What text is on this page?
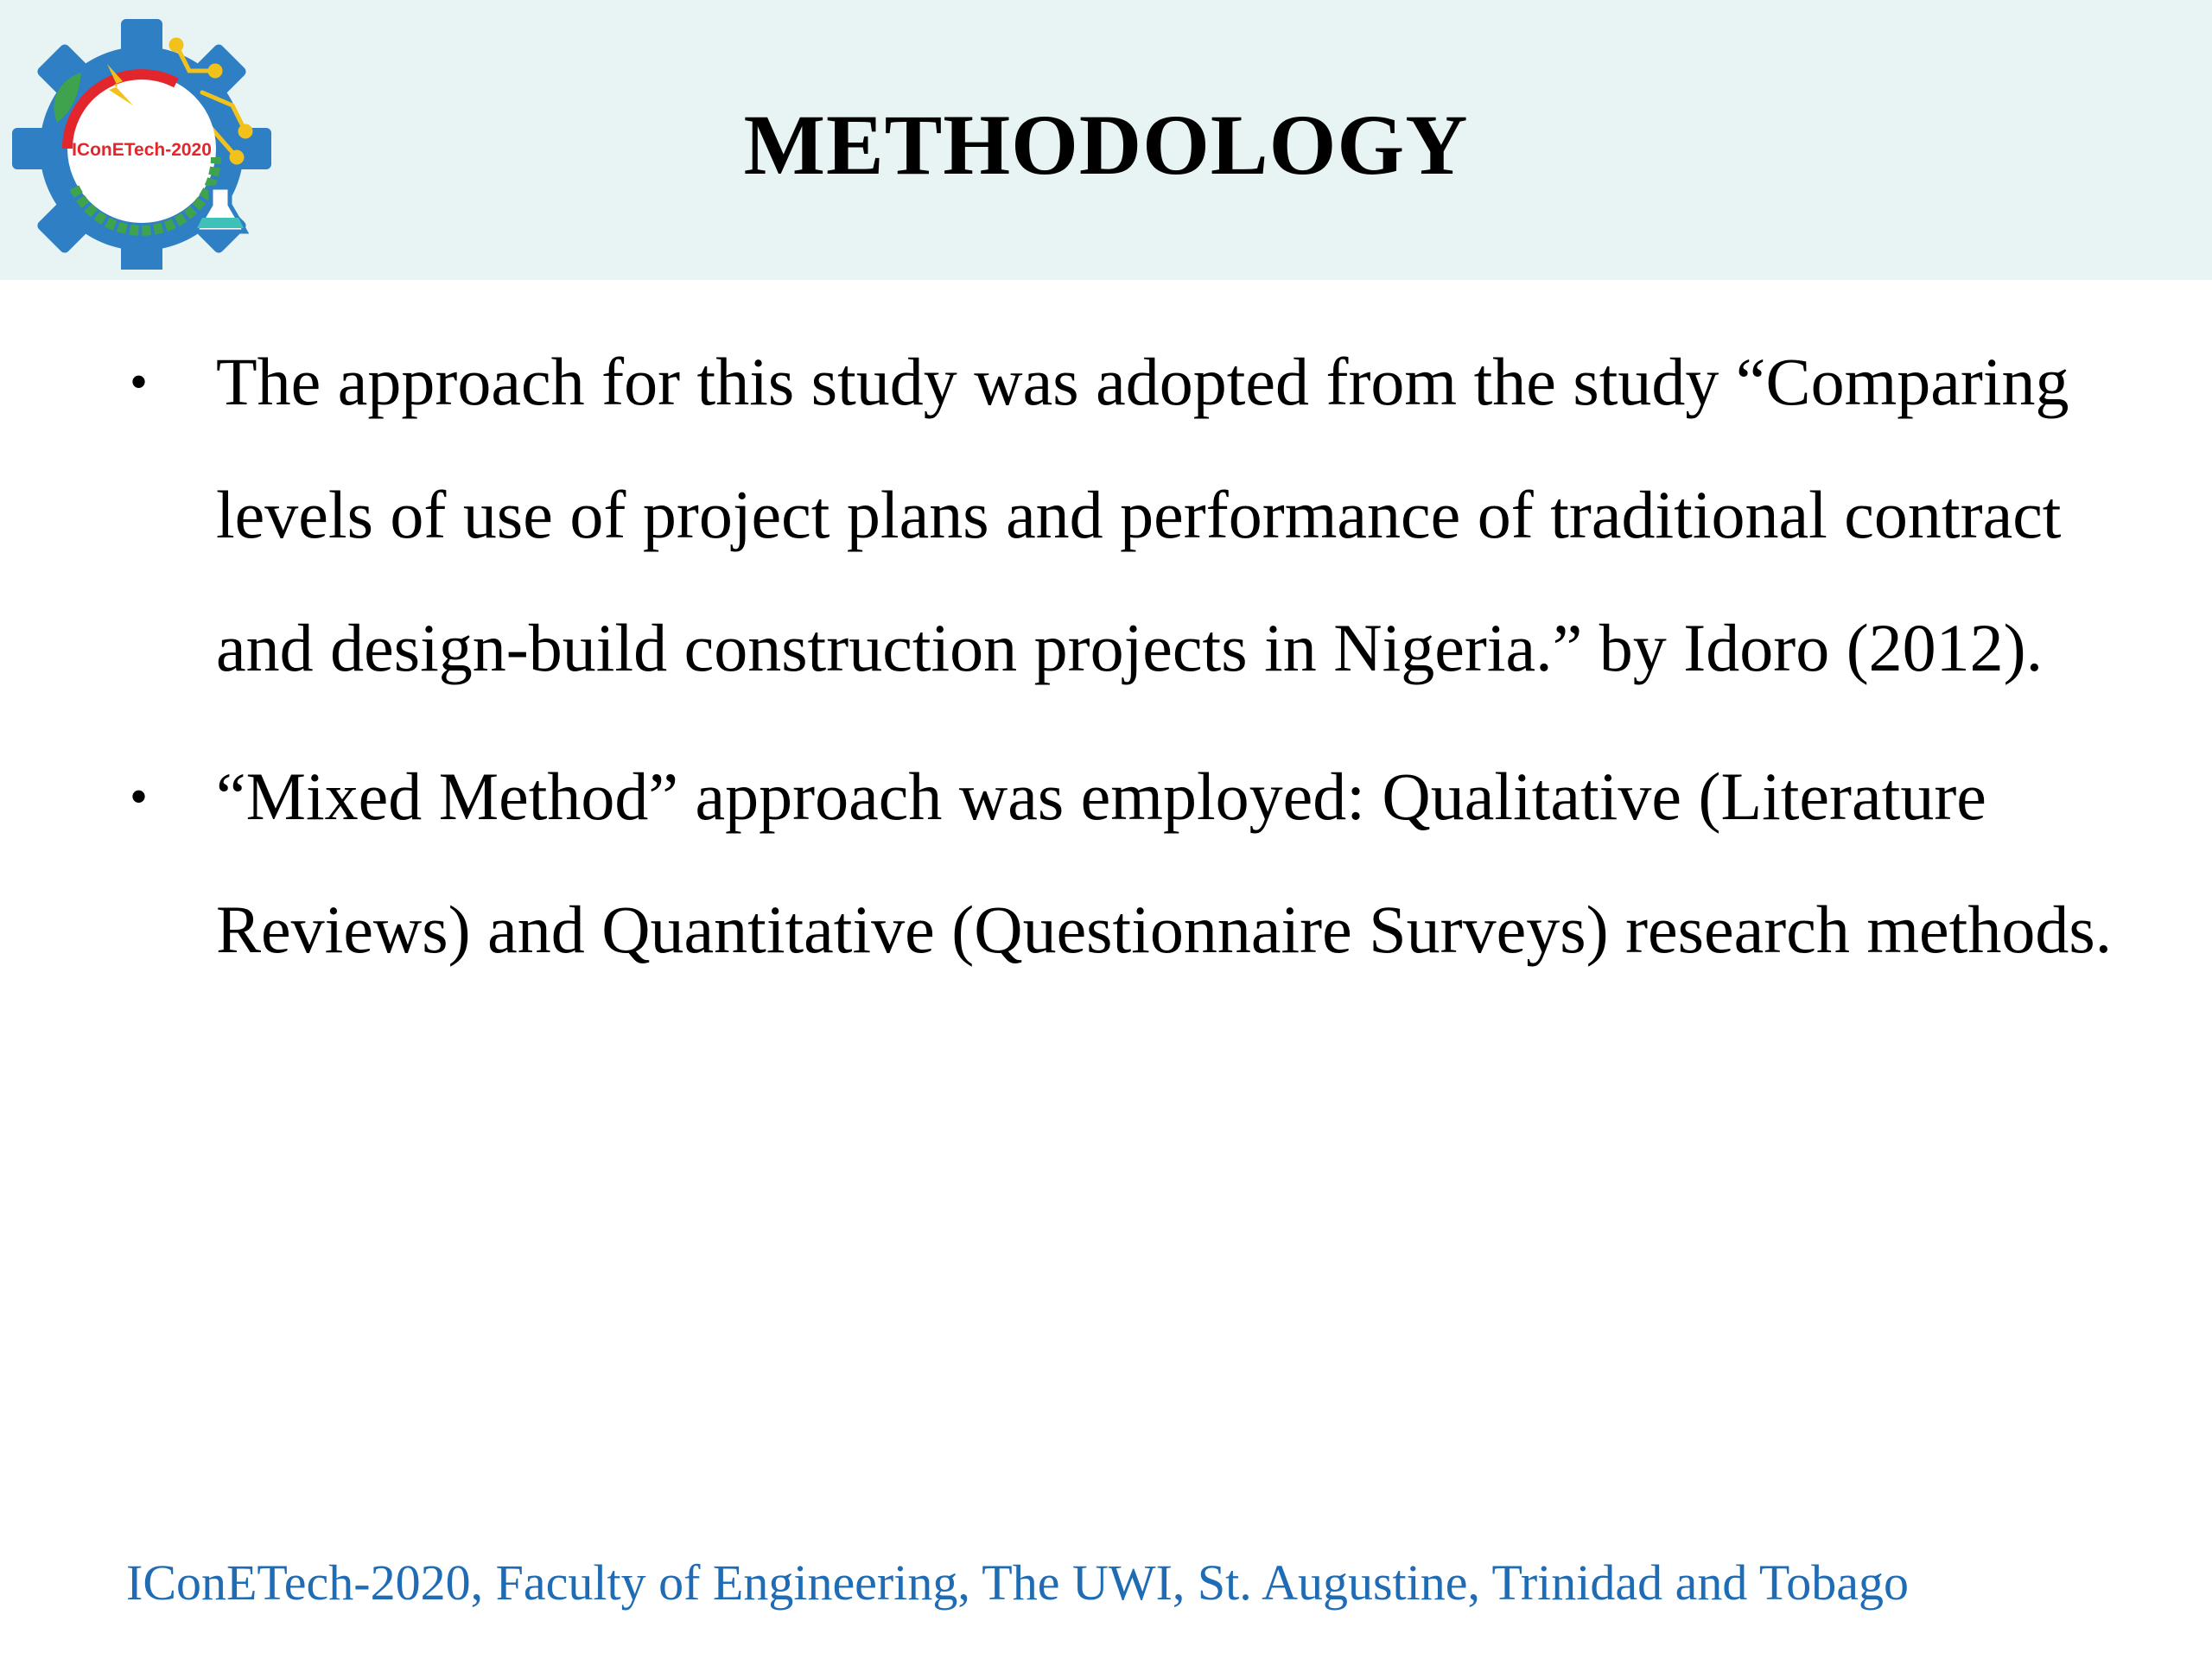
IConETech-2020	METHODOLOGY
• The approach for this study was adopted from the study “Comparing levels of use of project plans and performance of traditional contract and design-build construction projects in Nigeria.” by Idoro (2012).
• “Mixed Method” approach was employed: Qualitative (Literature Reviews) and Quantitative (Questionnaire Surveys) research methods.
IConETech-2020, Faculty of Engineering, The UWI, St. Augustine, Trinidad and Tobago
